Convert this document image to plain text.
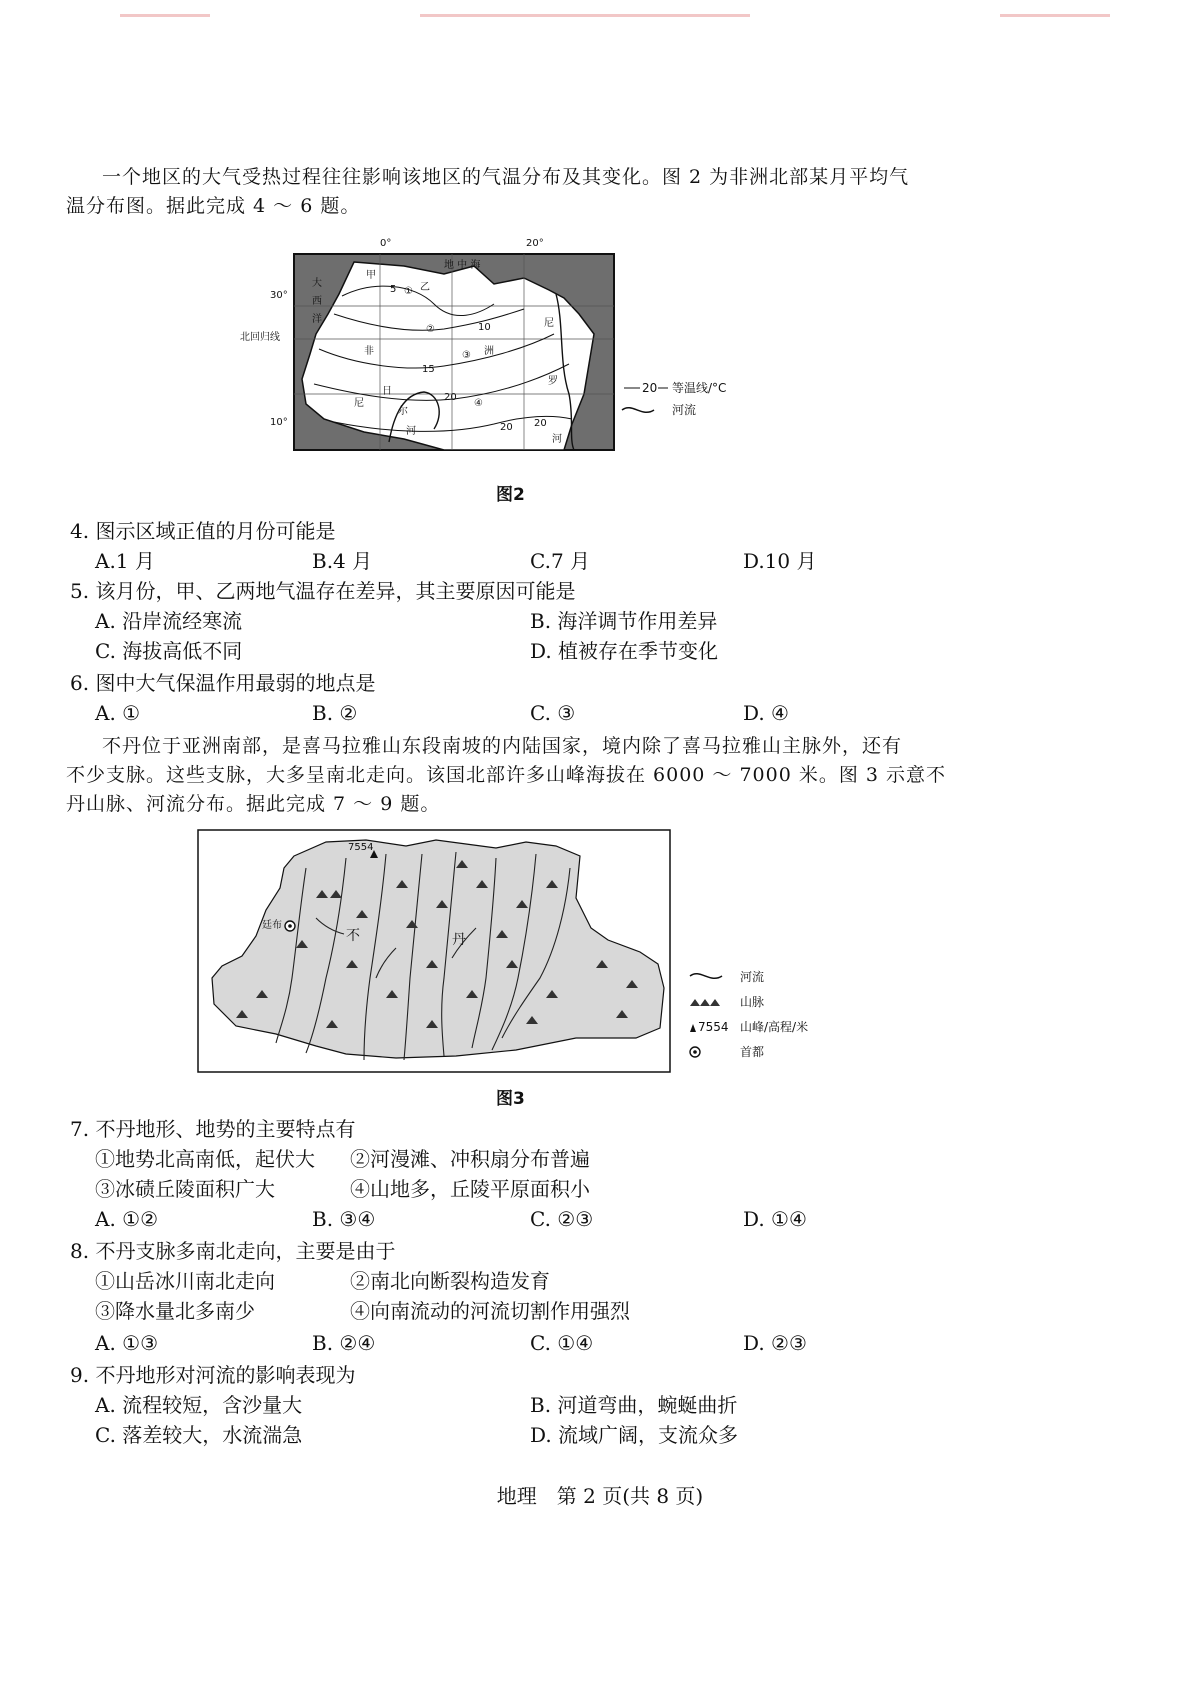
一个地区的大气受热过程往往影响该地区的气温分布及其变化。图 2 为非洲北部某月平均气
温分布图。据此完成 4 ～ 6 题。
0°	20°
30°
10°
北回归线
地 中 海
大
西
洋
非	洲
尼
罗
河
尼
日
尔
河
甲
① 乙
②
③
④
5
10
15
20
20 20
20 等温线/°C
河流
图2
4. 图示区域正值的月份可能是
A.1 月	B.4 月	C.7 月	D.10 月
5. 该月份，甲、乙两地气温存在差异，其主要原因可能是
A. 沿岸流经寒流	B. 海洋调节作用差异
C. 海拔高低不同	D. 植被存在季节变化
6. 图中大气保温作用最弱的地点是
A. ①	B. ②	C. ③	D. ④
不丹位于亚洲南部，是喜马拉雅山东段南坡的内陆国家，境内除了喜马拉雅山主脉外，还有
不少支脉。这些支脉，大多呈南北走向。该国北部许多山峰海拔在 6000 ～ 7000 米。图 3 示意不
丹山脉、河流分布。据此完成 7 ～ 9 题。
7554
廷布
不	丹
河流
山脉
7554 山峰/高程/米
首都
图3
7. 不丹地形、地势的主要特点有
①地势北高南低，起伏大 ②河漫滩、冲积扇分布普遍
③冰碛丘陵面积广大	④山地多，丘陵平原面积小
A. ①②	B. ③④	C. ②③	D. ①④
8. 不丹支脉多南北走向，主要是由于
①山岳冰川南北走向	②南北向断裂构造发育
③降水量北多南少	④向南流动的河流切割作用强烈
A. ①③	B. ②④	C. ①④	D. ②③
9. 不丹地形对河流的影响表现为
A. 流程较短，含沙量大	B. 河道弯曲，蜿蜒曲折
C. 落差较大，水流湍急	D. 流域广阔，支流众多
地理　第 2 页(共 8 页)
